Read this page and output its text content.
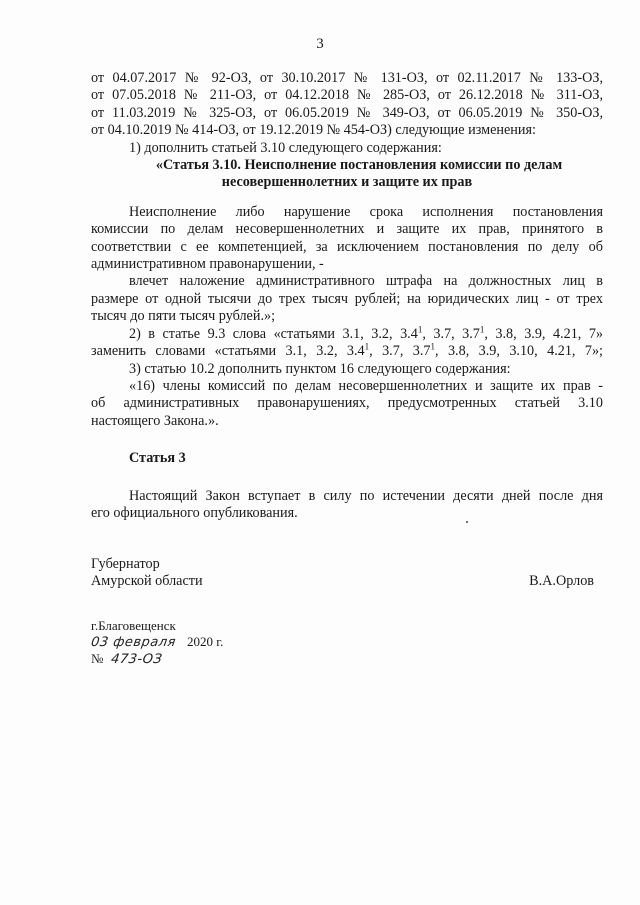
3
от 04.07.2017 № 92-ОЗ, от 30.10.2017 № 131-ОЗ, от 02.11.2017 № 133-ОЗ,
от 07.05.2018 № 211-ОЗ, от 04.12.2018 № 285-ОЗ, от 26.12.2018 № 311-ОЗ,
от 11.03.2019 № 325-ОЗ, от 06.05.2019 № 349-ОЗ, от 06.05.2019 № 350-ОЗ,
от 04.10.2019 № 414-ОЗ, от 19.12.2019 № 454-ОЗ) следующие изменения:
1) дополнить статьей 3.10 следующего содержания:
«Статья 3.10. Неисполнение постановления комиссии по делам
несовершеннолетних и защите их прав
Неисполнение либо нарушение срока исполнения постановления
комиссии по делам несовершеннолетних и защите их прав, принятого в
соответствии с ее компетенцией, за исключением постановления по делу об
административном правонарушении, -
влечет наложение административного штрафа на должностных лиц в
размере от одной тысячи до трех тысяч рублей; на юридических лиц - от трех
тысяч до пяти тысяч рублей.»;
2) в статье 9.3 слова «статьями 3.1, 3.2, $3.4^1$, 3.7, $3.7^1$, 3.8, 3.9, 4.21, 7»
заменить словами «статьями 3.1, 3.2, $3.4^1$, 3.7, $3.7^1$, 3.8, 3.9, 3.10, 4.21, 7»;
3) статью 10.2 дополнить пунктом 16 следующего содержания:
«16) члены комиссий по делам несовершеннолетних и защите их прав -
об административных правонарушениях, предусмотренных статьей 3.10
настоящего Закона.».
Статья 3
Настоящий Закон вступает в силу по истечении десяти дней после дня
его официального опубликования.
Губернатор
Амурской области	В.А.Орлов
г.Благовещенск
03 февраля 2020 г.
№ 473-ОЗ
